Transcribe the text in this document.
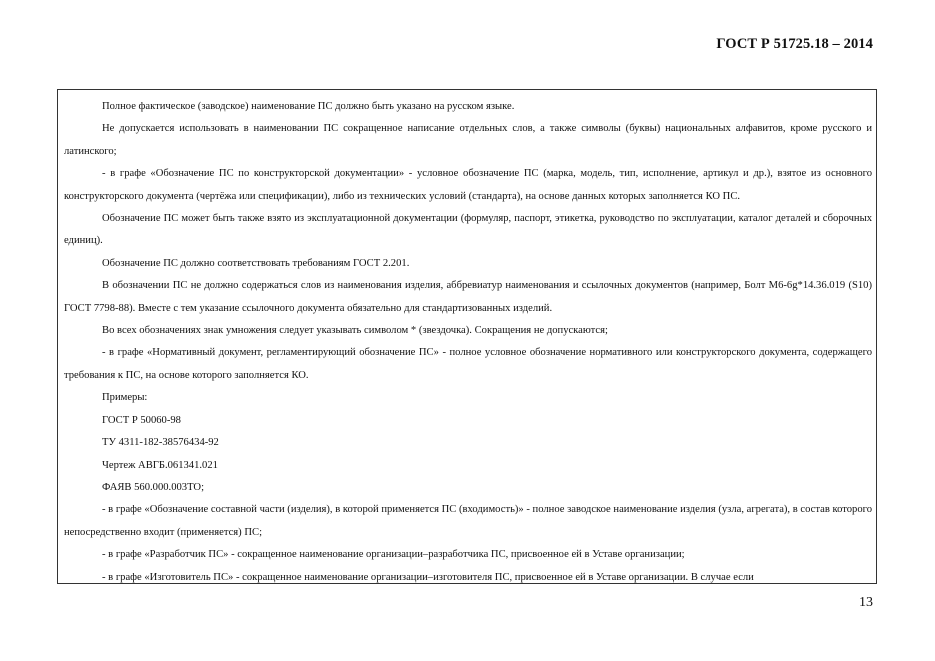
ГОСТ Р 51725.18 – 2014

Полное фактическое (заводское) наименование ПС должно быть указано на русском языке.

Не допускается использовать в наименовании ПС сокращенное написание отдельных слов, а также символы (буквы) национальных алфавитов, кроме русского и латинского;

- в графе «Обозначение ПС по конструкторской документации» - условное обозначение ПС (марка, модель, тип, исполнение, артикул и др.), взятое из основного конструкторского документа (чертёжа или спецификации), либо из технических условий (стандарта), на основе данных которых заполняется КО ПС.

Обозначение ПС может быть также взято из эксплуатационной документации (формуляр, паспорт, этикетка, руководство по эксплуатации, каталог деталей и сборочных единиц).

Обозначение ПС должно соответствовать требованиям ГОСТ 2.201.

В обозначении ПС не должно содержаться слов из наименования изделия, аббревиатур наименования и ссылочных документов (например, Болт М6-6g*14.36.019 (S10) ГОСТ 7798-88). Вместе с тем указание ссылочного документа обязательно для стандартизованных изделий.

Во всех обозначениях знак умножения следует указывать символом * (звездочка). Сокращения не допускаются;

- в графе «Нормативный документ, регламентирующий обозначение ПС» - полное условное обозначение нормативного или конструкторского документа, содержащего требования к ПС, на основе которого заполняется КО.

Примеры:

ГОСТ Р 50060-98

ТУ 4311-182-38576434-92

Чертеж АВГБ.061341.021

ФАЯВ 560.000.003ТО;

- в графе «Обозначение составной части (изделия), в которой применяется ПС (входимость)» - полное заводское наименование изделия (узла, агрегата), в состав которого непосредственно входит (применяется) ПС;

- в графе «Разработчик ПС» - сокращенное наименование организации–разработчика ПС, присвоенное ей в Уставе организации;

- в графе «Изготовитель ПС» - сокращенное наименование организации–изготовителя ПС, присвоенное ей в Уставе организации. В случае если

13
